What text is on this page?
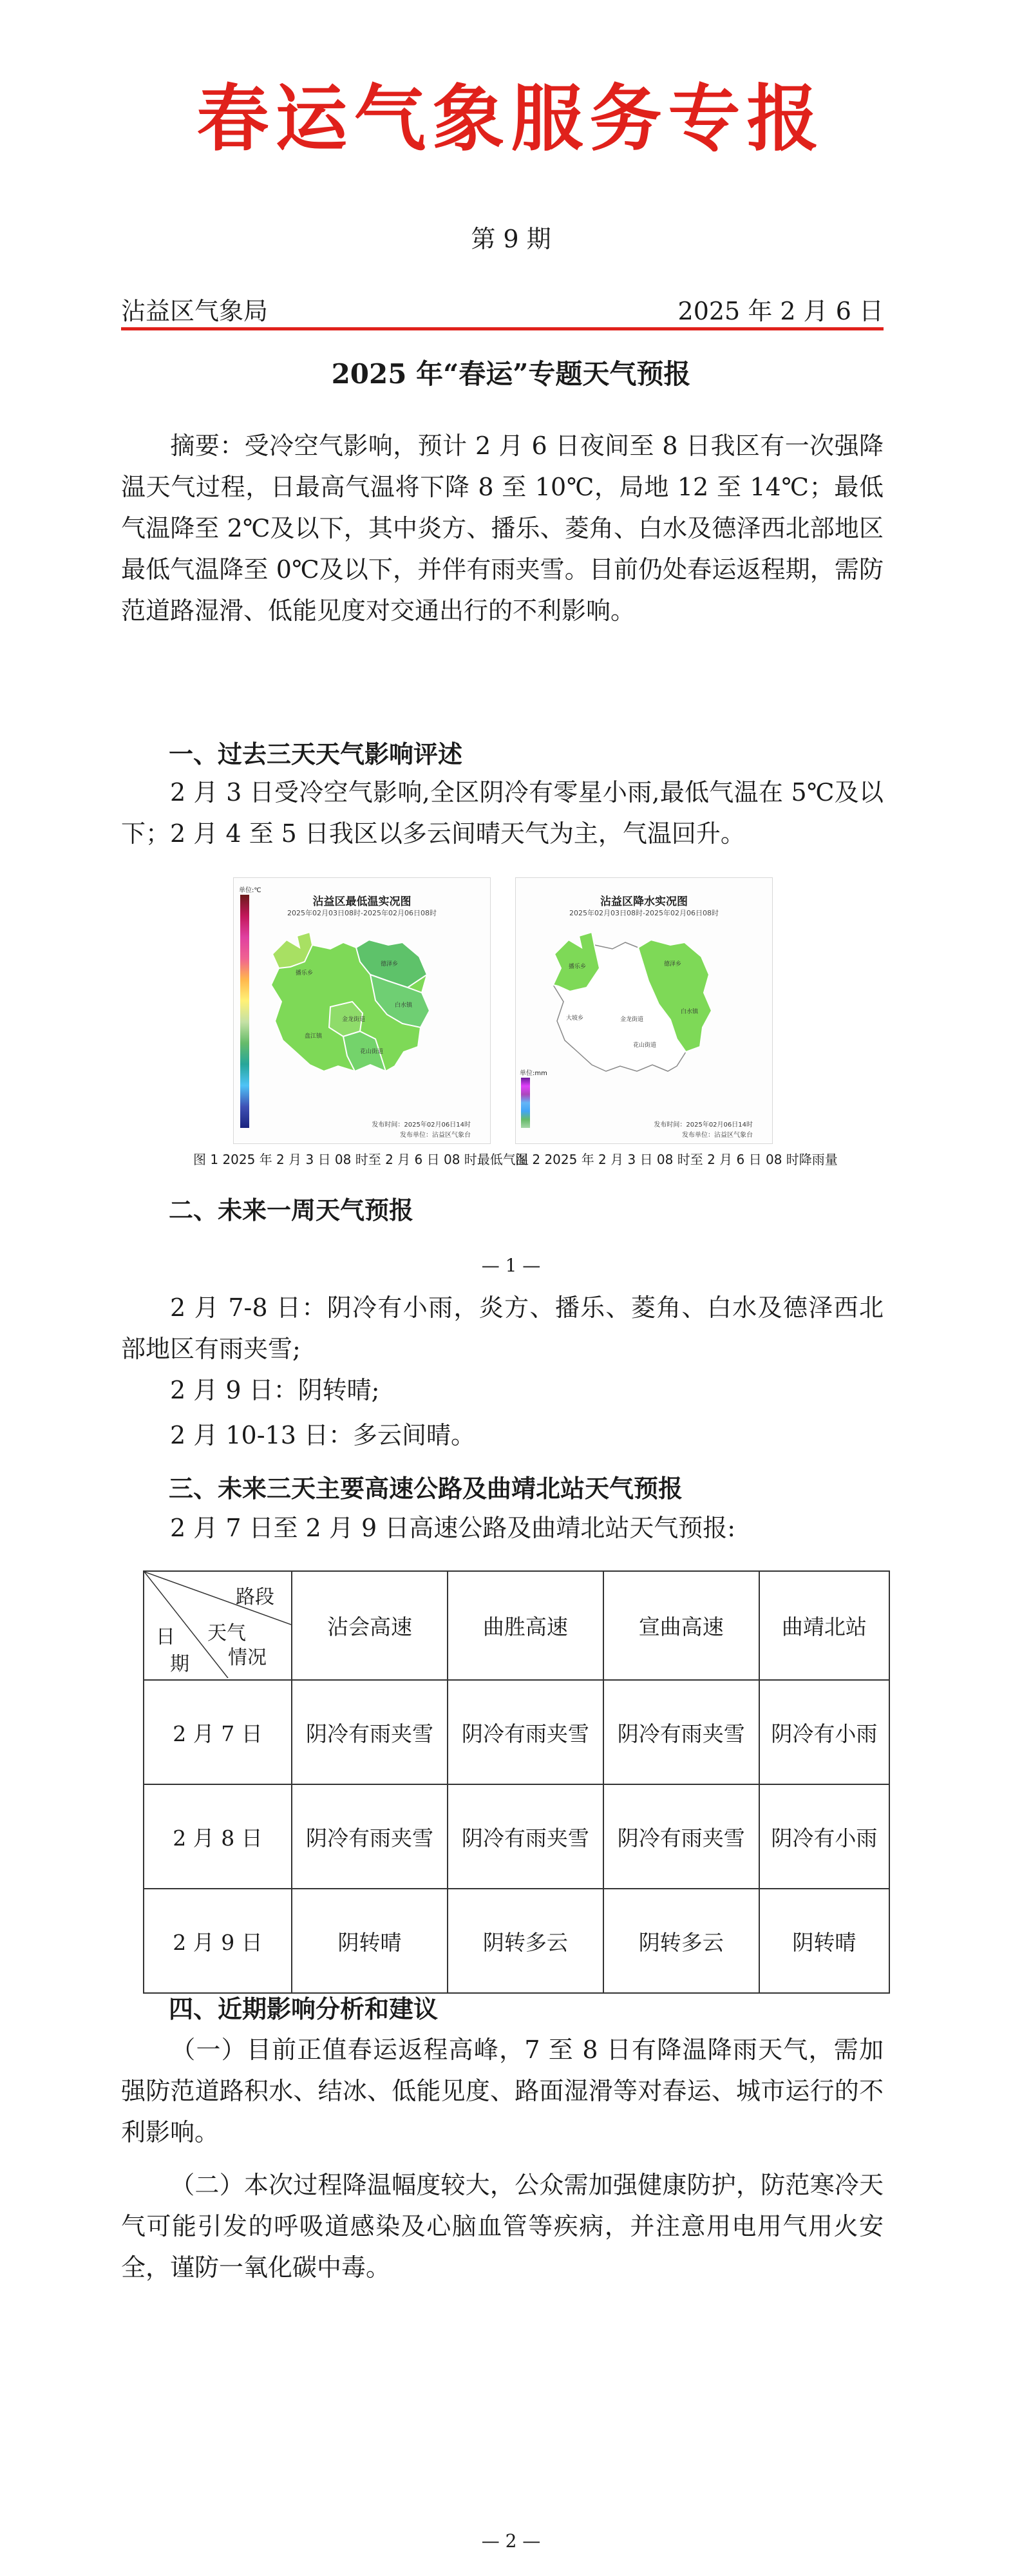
春运气象服务专报
第 9 期
沾益区气象局	2025 年 2 月 6 日
2025 年“春运”专题天气预报
摘要：受冷空气影响，预计 2 月 6 日夜间至 8 日我区有一次强降温天气过程，日最高气温将下降 8 至 10℃，局地 12 至 14℃；最低气温降至 2℃及以下，其中炎方、播乐、菱角、白水及德泽西北部地区最低气温降至 0℃及以下，并伴有雨夹雪。目前仍处春运返程期，需防范道路湿滑、低能见度对交通出行的不利影响。
一、过去三天天气影响评述
2 月 3 日受冷空气影响,全区阴冷有零星小雨,最低气温在 5℃及以下；2 月 4 至 5 日我区以多云间晴天气为主，气温回升。
沾益区最低温实况图
2025年02月03日08时-2025年02月06日08时
单位:℃
德泽乡
播乐乡
白水镇
金龙街道
花山街道
盘江镇
发布时间：2025年02月06日14时
发布单位：沾益区气象台
图 1 2025 年 2 月 3 日 08 时至 2 月 6 日 08 时最低气温
沾益区降水实况图
2025年02月03日08时-2025年02月06日08时
单位:mm
德泽乡
播乐乡
大坡乡	金龙街道
花山街道
白水镇
发布时间：2025年02月06日14时
发布单位：沾益区气象台
图 2 2025 年 2 月 3 日 08 时至 2 月 6 日 08 时降雨量
二、未来一周天气预报
— 1 —
2 月 7-8 日：阴冷有小雨，炎方、播乐、菱角、白水及德泽西北部地区有雨夹雪;
2 月 9 日：阴转晴;
2 月 10-13 日：多云间晴。
三、未来三天主要高速公路及曲靖北站天气预报
2 月 7 日至 2 月 9 日高速公路及曲靖北站天气预报:
路段
天气
情况
日
期	沾会高速	曲胜高速	宣曲高速	曲靖北站
2 月 7 日	阴冷有雨夹雪	阴冷有雨夹雪	阴冷有雨夹雪	阴冷有小雨
2 月 8 日	阴冷有雨夹雪	阴冷有雨夹雪	阴冷有雨夹雪	阴冷有小雨
2 月 9 日	阴转晴	阴转多云	阴转多云	阴转晴
四、近期影响分析和建议
（一）目前正值春运返程高峰，7 至 8 日有降温降雨天气，需加强防范道路积水、结冰、低能见度、路面湿滑等对春运、城市运行的不利影响。
（二）本次过程降温幅度较大，公众需加强健康防护，防范寒冷天气可能引发的呼吸道感染及心脑血管等疾病，并注意用电用气用火安全，谨防一氧化碳中毒。
— 2 —
